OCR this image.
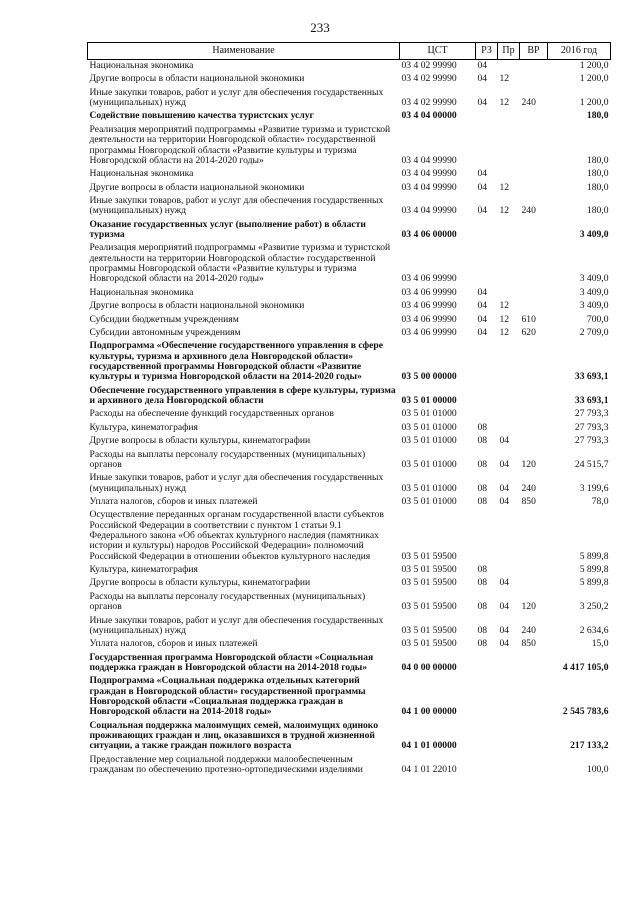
233
Наименование	ЦСТ	РЗ	Пр	ВР	2016 год
Национальная экономика	03 4 02 99990	04			1 200,0
Другие вопросы в области национальной экономики	03 4 02 99990	04	12		1 200,0
Иные закупки товаров, работ и услуг для обеспечения государственных (муниципальных) нужд	03 4 02 99990	04	12	240	1 200,0
Содействие повышению качества туристских услуг	03 4 04 00000				180,0
Реализация мероприятий подпрограммы «Развитие туризма и туристской деятельности на территории Новгородской области» государственной программы Новгородской области «Развитие культуры и туризма Новгородской области на 2014-2020 годы»	03 4 04 99990				180,0
Национальная экономика	03 4 04 99990	04			180,0
Другие вопросы в области национальной экономики	03 4 04 99990	04	12		180,0
Иные закупки товаров, работ и услуг для обеспечения государственных (муниципальных) нужд	03 4 04 99990	04	12	240	180,0
Оказание государственных услуг (выполнение работ) в области туризма	03 4 06 00000				3 409,0
Реализация мероприятий подпрограммы «Развитие туризма и туристской деятельности на территории Новгородской области» государственной программы Новгородской области «Развитие культуры и туризма Новгородской области на 2014-2020 годы»	03 4 06 99990				3 409,0
Национальная экономика	03 4 06 99990	04			3 409,0
Другие вопросы в области национальной экономики	03 4 06 99990	04	12		3 409,0
Субсидии бюджетным учреждениям	03 4 06 99990	04	12	610	700,0
Субсидии автономным учреждениям	03 4 06 99990	04	12	620	2 709,0
Подпрограмма «Обеспечение государственного управления в сфере культуры, туризма и архивного дела Новгородской области» государственной программы Новгородской области «Развитие культуры и туризма Новгородской области на 2014-2020 годы»	03 5 00 00000				33 693,1
Обеспечение государственного управления в сфере культуры, туризма и архивного дела Новгородской области	03 5 01 00000				33 693,1
Расходы на обеспечение функций государственных органов	03 5 01 01000				27 793,3
Культура, кинематография	03 5 01 01000	08			27 793,3
Другие вопросы в области культуры, кинематографии	03 5 01 01000	08	04		27 793,3
Расходы на выплаты персоналу государственных (муниципальных) органов	03 5 01 01000	08	04	120	24 515,7
Иные закупки товаров, работ и услуг для обеспечения государственных (муниципальных) нужд	03 5 01 01000	08	04	240	3 199,6
Уплата налогов, сборов и иных платежей	03 5 01 01000	08	04	850	78,0
Осуществление переданных органам государственной власти субъектов Российской Федерации в соответствии с пунктом 1 статьи 9.1 Федерального закона «Об объектах культурного наследия (памятниках истории и культуры) народов Российской Федерации» полномочий Российской Федерации в отношении объектов культурного наследия	03 5 01 59500				5 899,8
Культура, кинематография	03 5 01 59500	08			5 899,8
Другие вопросы в области культуры, кинематографии	03 5 01 59500	08	04		5 899,8
Расходы на выплаты персоналу государственных (муниципальных) органов	03 5 01 59500	08	04	120	3 250,2
Иные закупки товаров, работ и услуг для обеспечения государственных (муниципальных) нужд	03 5 01 59500	08	04	240	2 634,6
Уплата налогов, сборов и иных платежей	03 5 01 59500	08	04	850	15,0
Государственная программа Новгородской области «Социальная поддержка граждан в Новгородской области на 2014-2018 годы»	04 0 00 00000				4 417 105,0
Подпрограмма «Социальная поддержка отдельных категорий граждан в Новгородской области» государственной программы Новгородской области «Социальная поддержка граждан в Новгородской области на 2014-2018 годы»	04 1 00 00000				2 545 783,6
Социальная поддержка малоимущих семей, малоимущих одиноко проживающих граждан и лиц, оказавшихся в трудной жизненной ситуации, а также граждан пожилого возраста	04 1 01 00000				217 133,2
Предоставление мер социальной поддержки малообеспеченным гражданам по обеспечению протезно-ортопедическими изделиями	04 1 01 22010				100,0
